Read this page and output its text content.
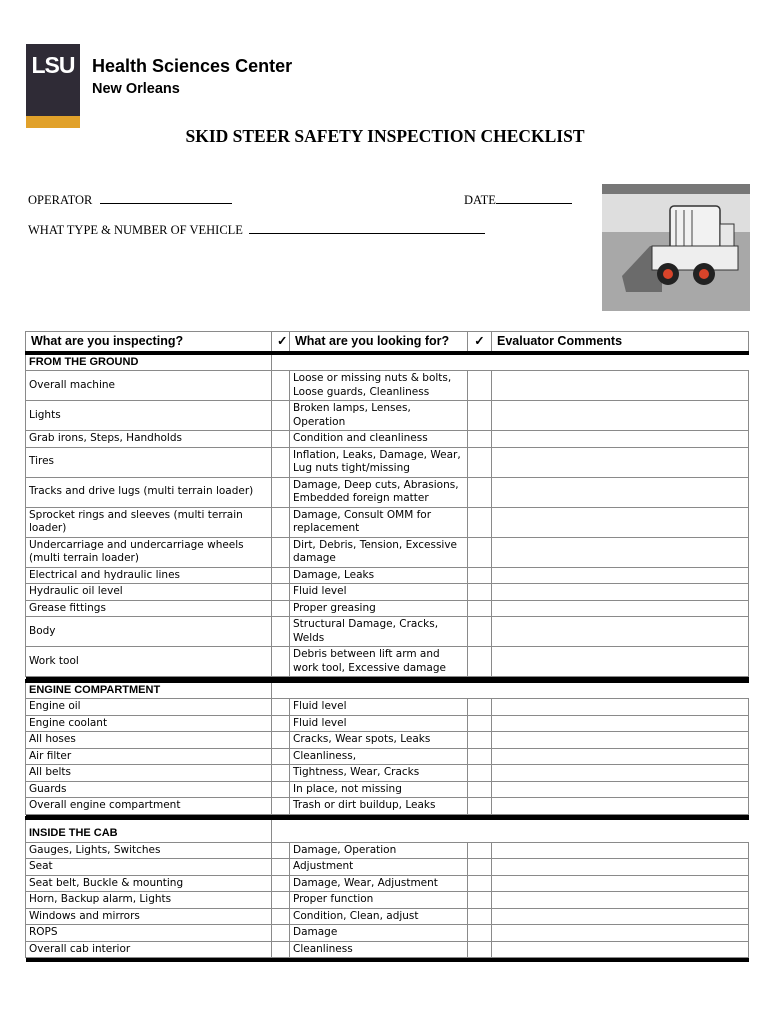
LSU Health Sciences Center
New Orleans
SKID STEER SAFETY INSPECTION CHECKLIST
OPERATOR	DATE
WHAT TYPE & NUMBER OF VEHICLE
What are you inspecting?	✓	What are you looking for?	✓	Evaluator Comments
FROM THE GROUND				
Overall machine		Loose or missing nuts & bolts, Loose guards, Cleanliness		
Lights		Broken lamps, Lenses, Operation		
Grab irons, Steps, Handholds		Condition and cleanliness		
Tires		Inflation, Leaks, Damage, Wear, Lug nuts tight/missing		
Tracks and drive lugs (multi terrain loader)		Damage, Deep cuts, Abrasions, Embedded foreign matter		
Sprocket rings and sleeves (multi terrain loader)		Damage, Consult OMM for replacement		
Undercarriage and undercarriage wheels (multi terrain loader)		Dirt, Debris, Tension, Excessive damage		
Electrical and hydraulic lines		Damage, Leaks		
Hydraulic oil level		Fluid level		
Grease fittings		Proper greasing		
Body		Structural Damage, Cracks, Welds		
Work tool		Debris between lift arm and work tool, Excessive damage		

ENGINE COMPARTMENT				
Engine oil		Fluid level		
Engine coolant		Fluid level		
All hoses		Cracks, Wear spots, Leaks		
Air filter		Cleanliness,		
All belts		Tightness, Wear, Cracks		
Guards		In place, not missing		
Overall engine compartment		Trash or dirt buildup, Leaks		

INSIDE THE CAB				
Gauges, Lights, Switches		Damage, Operation		
Seat		Adjustment		
Seat belt, Buckle & mounting		Damage, Wear, Adjustment		
Horn, Backup alarm, Lights		Proper function		
Windows and mirrors		Condition, Clean, adjust		
ROPS		Damage		
Overall cab interior		Cleanliness		
